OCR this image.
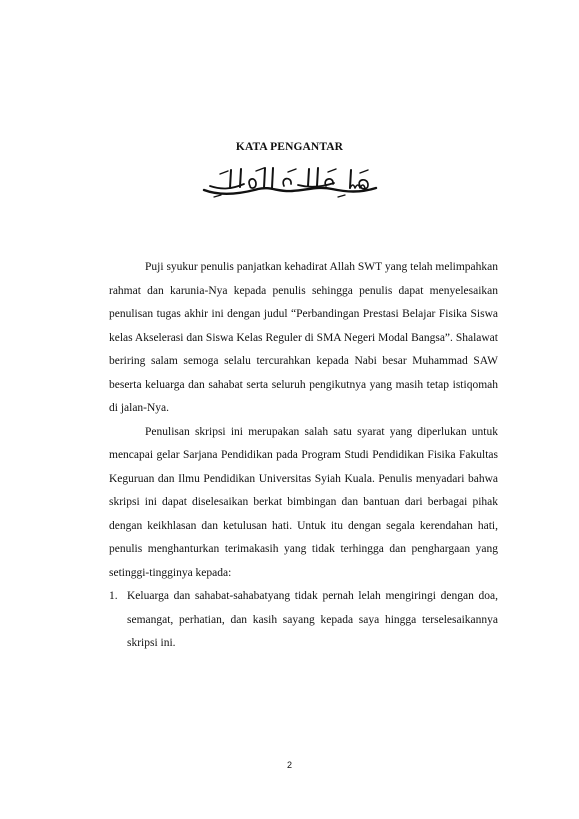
KATA PENGANTAR

Puji syukur penulis panjatkan kehadirat Allah SWT yang telah melimpahkan rahmat dan karunia-Nya kepada penulis sehingga penulis dapat menyelesaikan penulisan tugas akhir ini dengan judul “Perbandingan Prestasi Belajar Fisika Siswa kelas Akselerasi dan Siswa Kelas Reguler di SMA Negeri Modal Bangsa”. Shalawat beriring salam semoga selalu tercurahkan kepada Nabi besar Muhammad SAW beserta keluarga dan sahabat serta seluruh pengikutnya yang masih tetap istiqomah di jalan-Nya.

Penulisan skripsi ini merupakan salah satu syarat yang diperlukan untuk mencapai gelar Sarjana Pendidikan pada Program Studi Pendidikan Fisika Fakultas Keguruan dan Ilmu Pendidikan Universitas Syiah Kuala. Penulis menyadari bahwa skripsi ini dapat diselesaikan berkat bimbingan dan bantuan dari berbagai pihak dengan keikhlasan dan ketulusan hati. Untuk itu dengan segala kerendahan hati, penulis menghanturkan terimakasih yang tidak terhingga dan penghargaan yang setinggi-tingginya kepada:

1. Keluarga dan sahabat-sahabatyang tidak pernah lelah mengiringi dengan doa, semangat, perhatian, dan kasih sayang kepada saya hingga terselesaikannya skripsi ini.
2
